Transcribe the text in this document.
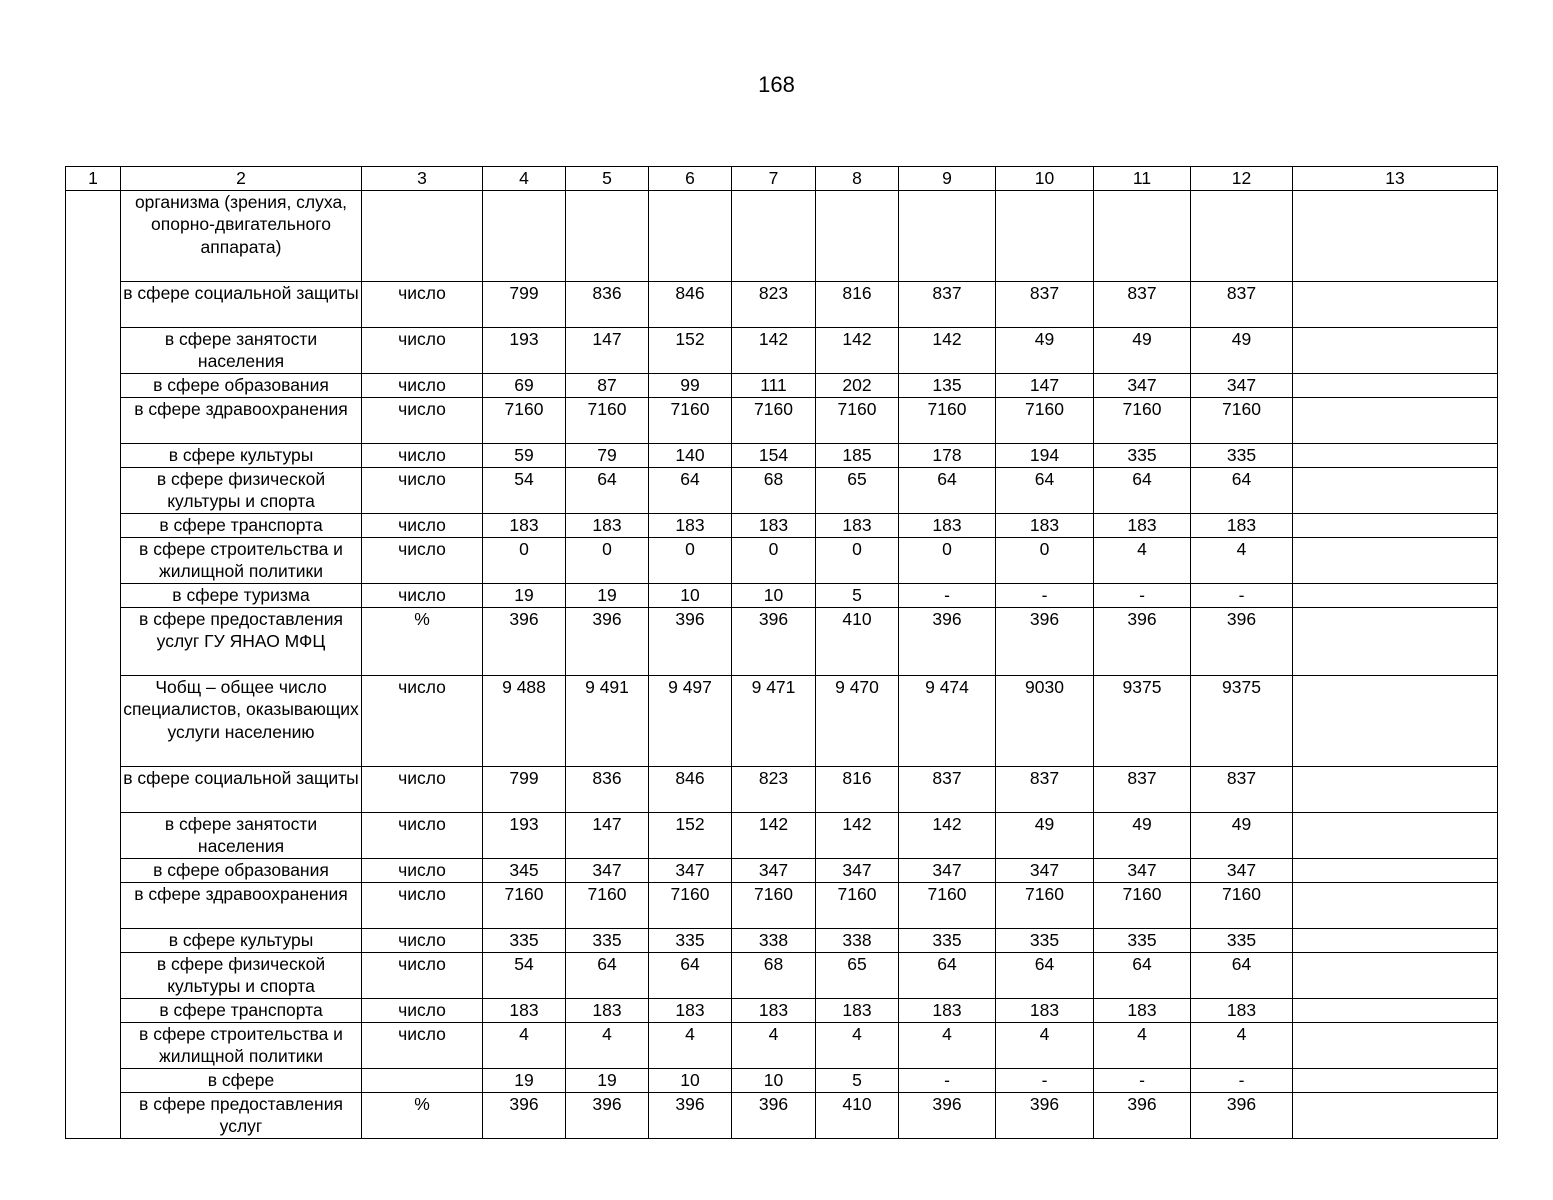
168
1	2	3	4	5	6	7	8	9	10	11	12	13
	организма (зрения, слуха, опорно-двигательного аппарата)											
	в сфере социальной защиты	число	799	836	846	823	816	837	837	837	837	
	в сфере занятости населения	число	193	147	152	142	142	142	49	49	49	
	в сфере образования	число	69	87	99	111	202	135	147	347	347	
	в сфере здравоохранения	число	7160	7160	7160	7160	7160	7160	7160	7160	7160	
	в сфере культуры	число	59	79	140	154	185	178	194	335	335	
	в сфере физической культуры и спорта	число	54	64	64	68	65	64	64	64	64	
	в сфере транспорта	число	183	183	183	183	183	183	183	183	183	
	в сфере строительства и жилищной политики	число	0	0	0	0	0	0	0	4	4	
	в сфере туризма	число	19	19	10	10	5	-	-	-	-	
	в сфере предоставления услуг ГУ ЯНАО МФЦ	%	396	396	396	396	410	396	396	396	396	
	Чобщ – общее число специалистов, оказывающих услуги населению	число	9 488	9 491	9 497	9 471	9 470	9 474	9030	9375	9375	
	в сфере социальной защиты	число	799	836	846	823	816	837	837	837	837	
	в сфере занятости населения	число	193	147	152	142	142	142	49	49	49	
	в сфере образования	число	345	347	347	347	347	347	347	347	347	
	в сфере здравоохранения	число	7160	7160	7160	7160	7160	7160	7160	7160	7160	
	в сфере культуры	число	335	335	335	338	338	335	335	335	335	
	в сфере физической культуры и спорта	число	54	64	64	68	65	64	64	64	64	
	в сфере транспорта	число	183	183	183	183	183	183	183	183	183	
	в сфере строительства и жилищной политики	число	4	4	4	4	4	4	4	4	4	
	в сфере		19	19	10	10	5	-	-	-	-	
	в сфере предоставления услуг	%	396	396	396	396	410	396	396	396	396	
